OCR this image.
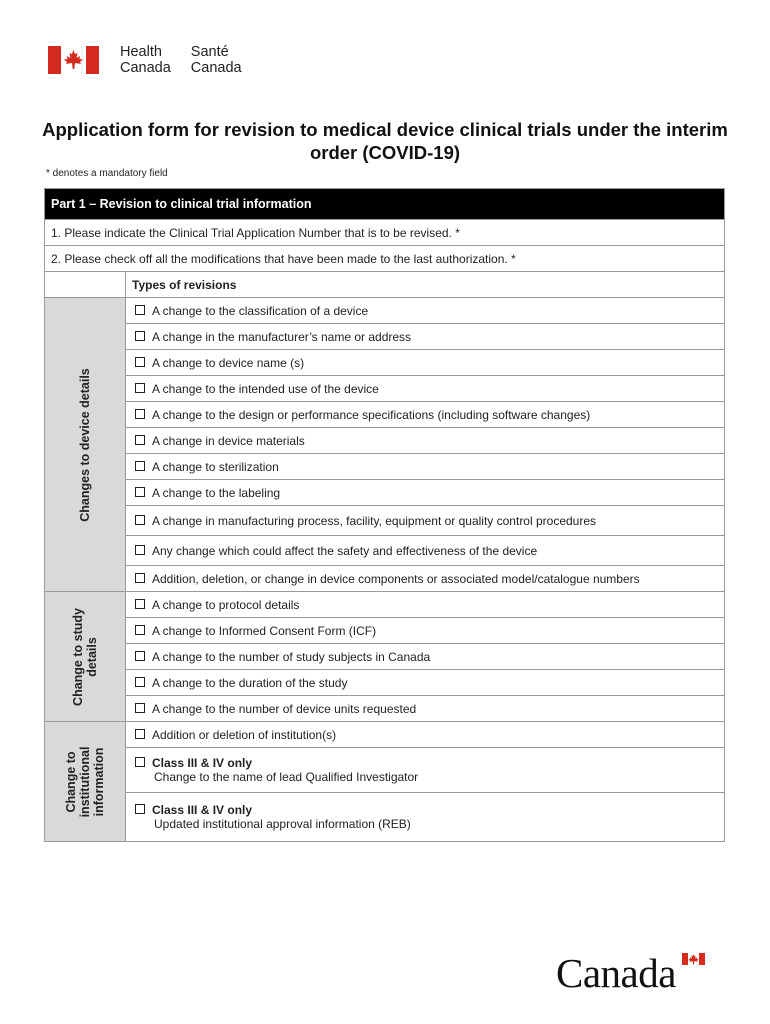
Health
Canada
Santé
Canada
Application form for revision to medical device clinical trials under the interim order (COVID-19)
* denotes a mandatory field
Part 1 – Revision to clinical trial information	
1. Please indicate the Clinical Trial Application Number that is to be revised. *	
2. Please check off all the modifications that have been made to the last authorization. *	
	Types of revisions

Changes to device details	A change to the classification of a device
	A change in the manufacturer’s name or address
	A change to device name (s)
	A change to the intended use of the device
	A change to the design or performance specifications (including software changes)
	A change in device materials
	A change to sterilization
	A change to the labeling
	A change in manufacturing process, facility, equipment or quality control procedures
	Any change which could affect the safety and effectiveness of the device
	Addition, deletion, or change in device components or associated model/catalogue numbers

Change to study
details	A change to protocol details
	A change to Informed Consent Form (ICF)
	A change to the number of study subjects in Canada
	A change to the duration of the study
	A change to the number of device units requested

Change to
institutional
information	Addition or deletion of institution(s)
	Class III & IV only
Change to the name of lead Qualified Investigator

	Class III & IV only
Updated institutional approval information (REB)
Canada
